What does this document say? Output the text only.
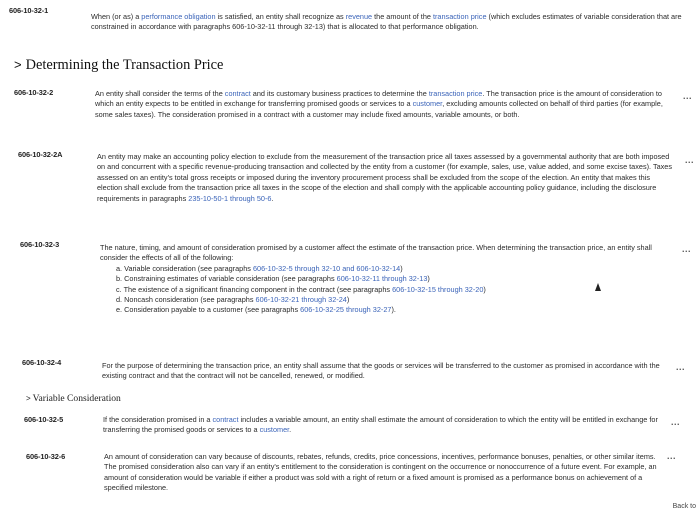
606-10-32-1
When (or as) a performance obligation is satisfied, an entity shall recognize as revenue the amount of the transaction price (which excludes estimates of variable consideration that are constrained in accordance with paragraphs 606-10-32-11 through 32-13) that is allocated to that performance obligation.
> Determining the Transaction Price
606-10-32-2	An entity shall consider the terms of the contract and its customary business practices to determine the transaction price. The transaction price is the amount of consideration to which an entity expects to be entitled in exchange for transferring promised goods or services to a customer, excluding amounts collected on behalf of third parties (for example, some sales taxes). The consideration promised in a contract with a customer may include fixed amounts, variable amounts, or both.
...
606-10-32-2A	An entity may make an accounting policy election to exclude from the measurement of the transaction price all taxes assessed by a governmental authority that are both imposed on and concurrent with a specific revenue-producing transaction and collected by the entity from a customer (for example, sales, use, value added, and some excise taxes). Taxes assessed on an entity's total gross receipts or imposed during the inventory procurement process shall be excluded from the scope of the election. An entity that makes this election shall exclude from the transaction price all taxes in the scope of the election and shall comply with the applicable accounting policy guidance, including the disclosure requirements in paragraphs 235-10-50-1 through 50-6.
...
606-10-32-3	The nature, timing, and amount of consideration promised by a customer affect the estimate of the transaction price. When determining the transaction price, an entity shall consider the effects of all of the following:

a. Variable consideration (see paragraphs 606-10-32-5 through 32-10 and 606-10-32-14)
b. Constraining estimates of variable consideration (see paragraphs 606-10-32-11 through 32-13)
c. The existence of a significant financing component in the contract (see paragraphs 606-10-32-15 through 32-20)
d. Noncash consideration (see paragraphs 606-10-32-21 through 32-24)
e. Consideration payable to a customer (see paragraphs 606-10-32-25 through 32-27).
...
606-10-32-4	For the purpose of determining the transaction price, an entity shall assume that the goods or services will be transferred to the customer as promised in accordance with the existing contract and that the contract will not be cancelled, renewed, or modified.
...
> Variable Consideration
606-10-32-5	If the consideration promised in a contract includes a variable amount, an entity shall estimate the amount of consideration to which the entity will be entitled in exchange for transferring the promised goods or services to a customer.
...
606-10-32-6	An amount of consideration can vary because of discounts, rebates, refunds, credits, price concessions, incentives, performance bonuses, penalties, or other similar items. The promised consideration also can vary if an entity's entitlement to the consideration is contingent on the occurrence or nonoccurrence of a future event. For example, an amount of consideration would be variable if either a product was sold with a right of return or a fixed amount is promised as a performance bonus on achievement of a specified milestone.
...
Back to
